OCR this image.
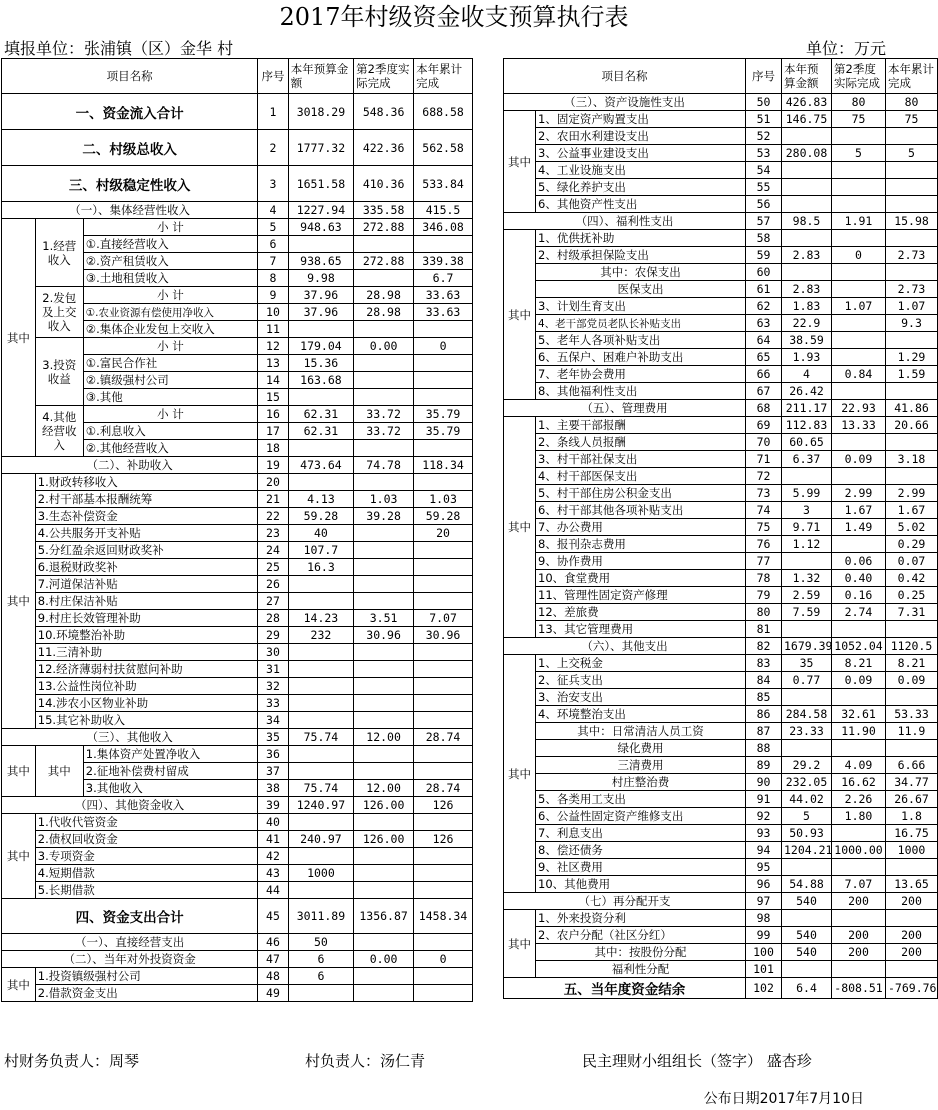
2017年村级资金收支预算执行表
填报单位：张浦镇（区）金华 村	单位：万元
村财务负责人：周琴	村负责人：汤仁青	民主理财小组组长（签字） 盛杏珍
公布日期2017年7月10日
项目名称			序号	本年预算金额	第2季度实际完成	本年累计完成
一、资金流入合计			1	3018.29	548.36	688.58
二、村级总收入			2	1777.32	422.36	562.58
三、村级稳定性收入			3	1651.58	410.36	533.84
（一）、集体经营性收入			4	1227.94	335.58	415.5
其中	1.经营收入	小 计	5	948.63	272.88	346.08
		①.直接经营收入	6			
		②.资产租赁收入	7	938.65	272.88	339.38
		③.土地租赁收入	8	9.98		6.7
	2.发包及上交收入	小 计	9	37.96	28.98	33.63
		①.农业资源有偿使用净收入	10	37.96	28.98	33.63
		②.集体企业发包上交收入	11			
	3.投资收益	小 计	12	179.04	0.00	0
		①.富民合作社	13	15.36		
		②.镇级强村公司	14	163.68		
		③.其他	15			
	4.其他经营收入	小 计	16	62.31	33.72	35.79
		①.利息收入	17	62.31	33.72	35.79
		②.其他经营收入	18			
（二）、补助收入			19	473.64	74.78	118.34
其中	1.财政转移收入		20			
	2.村干部基本报酬统筹		21	4.13	1.03	1.03
	3.生态补偿资金		22	59.28	39.28	59.28
	4.公共服务开支补贴		23	40		20
	5.分红盈余返回财政奖补		24	107.7		
	6.退税财政奖补		25	16.3		
	7.河道保洁补贴		26			
	8.村庄保洁补贴		27			
	9.村庄长效管理补助		28	14.23	3.51	7.07
	10.环境整治补助		29	232	30.96	30.96
	11.三清补助		30			
	12.经济薄弱村扶贫慰问补助		31			
	13.公益性岗位补助		32			
	14.涉农小区物业补助		33			
	15.其它补助收入		34			
（三）、其他收入			35	75.74	12.00	28.74
其中	其中	1.集体资产处置净收入	36			
		2.征地补偿费村留成	37			
		3.其他收入	38	75.74	12.00	28.74
（四）、其他资金收入			39	1240.97	126.00	126
其中	1.代收代管资金		40			
	2.债权回收资金		41	240.97	126.00	126
	3.专项资金		42			
	4.短期借款		43	1000		
	5.长期借款		44			
四、资金支出合计			45	3011.89	1356.87	1458.34
（一）、直接经营支出			46	50		
（二）、当年对外投资资金			47	6	0.00	0
其中	1.投资镇级强村公司		48	6		
	2.借款资金支出		49			
项目名称		序号	本年预算金额	第2季度实际完成	本年累计完成
（三）、资产设施性支出		50	426.83	80	80
其中	1、固定资产购置支出	51	146.75	75	75
	2、农田水利建设支出	52			
	3、公益事业建设支出	53	280.08	5	5
	4、工业设施支出	54			
	5、绿化养护支出	55			
	6、其他资产性支出	56			
（四）、福利性支出		57	98.5	1.91	15.98
其中	1、优供抚补助	58			
	2、村级承担保险支出	59	2.83	0	2.73
	其中：农保支出	60			
	医保支出	61	2.83		2.73
	3、计划生育支出	62	1.83	1.07	1.07
	4、老干部党员老队长补贴支出	63	22.9		9.3
	5、老年人各项补贴支出	64	38.59		
	6、五保户、困难户补助支出	65	1.93		1.29
	7、老年协会费用	66	4	0.84	1.59
	8、其他福利性支出	67	26.42		
（五）、管理费用		68	211.17	22.93	41.86
其中	1、主要干部报酬	69	112.83	13.33	20.66
	2、条线人员报酬	70	60.65		
	3、村干部社保支出	71	6.37	0.09	3.18
	4、村干部医保支出	72			
	5、村干部住房公积金支出	73	5.99	2.99	2.99
	6、村干部其他各项补贴支出	74	3	1.67	1.67
	7、办公费用	75	9.71	1.49	5.02
	8、报刊杂志费用	76	1.12		0.29
	9、协作费用	77		0.06	0.07
	10、食堂费用	78	1.32	0.40	0.42
	11、管理性固定资产修理	79	2.59	0.16	0.25
	12、差旅费	80	7.59	2.74	7.31
	13、其它管理费用	81			
（六）、其他支出		82	1679.39	1052.04	1120.5
其中	1、上交税金	83	35	8.21	8.21
	2、征兵支出	84	0.77	0.09	0.09
	3、治安支出	85			
	4、环境整治支出	86	284.58	32.61	53.33
	其中：日常清洁人员工资	87	23.33	11.90	11.9
	绿化费用	88			
	三清费用	89	29.2	4.09	6.66
	村庄整治费	90	232.05	16.62	34.77
	5、各类用工支出	91	44.02	2.26	26.67
	6、公益性固定资产维修支出	92	5	1.80	1.8
	7、利息支出	93	50.93		16.75
	8、偿还债务	94	1204.21	1000.00	1000
	9、社区费用	95			
	10、其他费用	96	54.88	7.07	13.65
（七）再分配开支		97	540	200	200
其中	1、外来投资分利	98			
	2、农户分配（社区分红）	99	540	200	200
	其中：按股份分配	100	540	200	200
	福利性分配	101			
五、当年度资金结余		102	6.4	-808.51	-769.76
